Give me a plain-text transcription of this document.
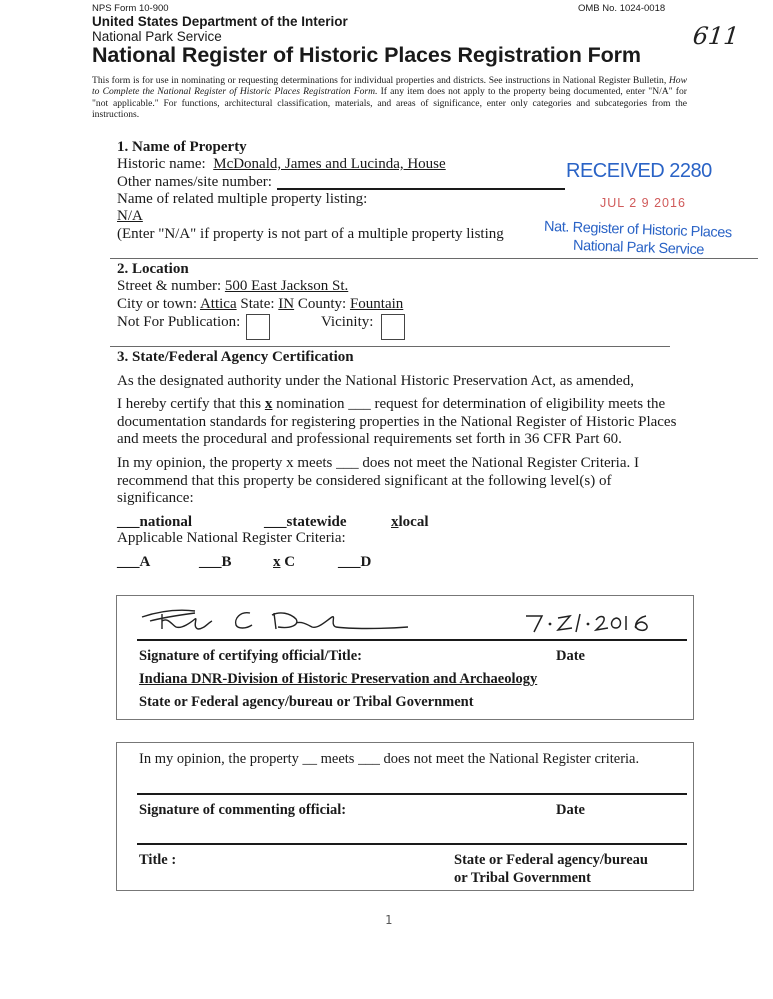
NPS Form 10-900	OMB No. 1024-0018
United States Department of the Interior
National Park Service
National Register of Historic Places Registration Form
611

This form is for use in nominating or requesting determinations for individual properties and districts. See instructions in National Register Bulletin, How to Complete the National Register of Historic Places Registration Form. If any item does not apply to the property being documented, enter "N/A" for "not applicable." For functions, architectural classification, materials, and areas of significance, enter only categories and subcategories from the instructions.

1. Name of Property
Historic name: McDonald, James and Lucinda, House
Other names/site number:
Name of related multiple property listing:
N/A
(Enter "N/A" if property is not part of a multiple property listing
RECEIVED 2280
JUL 2 9 2016
Nat. Register of Historic Places
National Park Service
2. Location
Street & number: 500 East Jackson St.
City or town: Attica State: IN County: Fountain
Not For Publication:	Vicinity:
3. State/Federal Agency Certification
As the designated authority under the National Historic Preservation Act, as amended,

I hereby certify that this x nomination ___ request for determination of eligibility meets the documentation standards for registering properties in the National Register of Historic Places and meets the procedural and professional requirements set forth in 36 CFR Part 60.

In my opinion, the property x meets ___ does not meet the National Register Criteria. I recommend that this property be considered significant at the following level(s) of significance:

___national	___statewide	xlocal
Applicable National Register Criteria:
___A	___B	x C	___D
Signature of certifying official/Title:	Date
Indiana DNR-Division of Historic Preservation and Archaeology
State or Federal agency/bureau or Tribal Government
In my opinion, the property __ meets ___ does not meet the National Register criteria.
Signature of commenting official:	Date
Title :	State or Federal agency/bureau
or Tribal Government
1
